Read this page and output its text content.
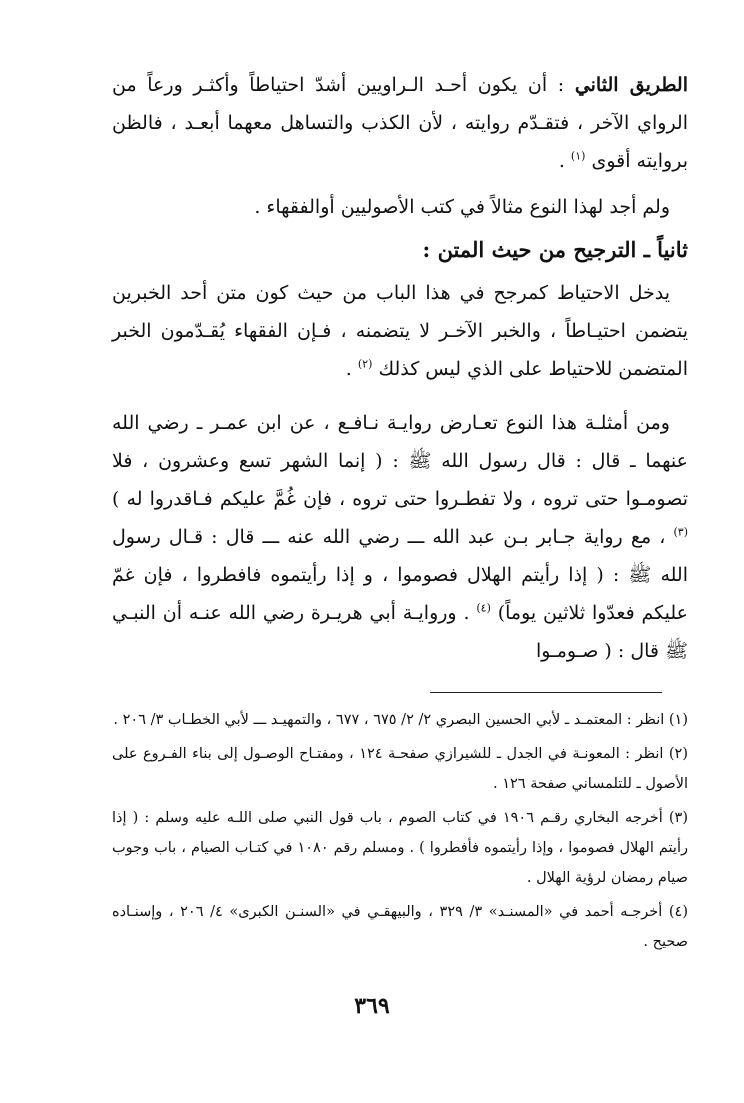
الطريق الثاني : أن يكون أحـد الـراويين أشدّ احتياطاً وأكثـر ورعاً من الرواي الآخر ، فتقـدّم روايته ، لأن الكذب والتساهل معهما أبعـد ، فالظن بروايته أقوى $^{(١)}$ .

ولم أجد لهذا النوع مثالاً في كتب الأصوليين أوالفقهاء .

ثانياً ـ الترجيح من حيث المتن :

يدخل الاحتياط كمرجح في هذا الباب من حيث كون متن أحد الخبرين يتضمن احتيـاطاً ، والخبر الآخـر لا يتضمنه ، فـإن الفقهاء يُقـدّمون الخبر المتضمن للاحتياط على الذي ليس كذلك $^{(٢)}$ .

ومن أمثلـة هذا النوع تعـارض روايـة نـافـع ، عن ابن عمـر ـ رضي الله عنهما ـ قال : قال رسول الله ﷺ : ( إنما الشهر تسع وعشرون ، فلا تصومـوا حتى تروه ، ولا تفطـروا حتى تروه ، فإن غُمَّ عليكم فـاقدروا له ) $^{(٣)}$ ، مع رواية جـابر بـن عبد الله ـــ رضي الله عنه ـــ قال : قـال رسول الله ﷺ : ( إذا رأيتم الهلال فصوموا ، و إذا رأيتموه فافطروا ، فإن غمّ عليكم فعدّوا ثلاثين يوماً) $^{(٤)}$ . وروايـة أبي هريـرة رضي الله عنـه أن النبـي ﷺ قال : ( صـومـوا

(١) انظر : المعتمـد ـ لأبي الحسين البصري ٢/ ٢/ ٦٧٥ ، ٦٧٧ ، والتمهيـد ـــ لأبي الخطـاب ٣/ ٢٠٦ .

(٢) انظر : المعونـة في الجدل ـ للشيرازي صفحـة ١٢٤ ، ومفتـاح الوصـول إلى بناء الفـروع على الأصول ـ للتلمساني صفحة ١٢٦ .

(٣) أخرجه البخاري رقـم ١٩٠٦ في كتاب الصوم ، باب قول النبي صلى اللـه عليه وسلم : ( إذا رأيتم الهلال فصوموا ، وإذا رأيتموه فأفطروا ) . ومسلم رقم ١٠٨٠ في كتـاب الصيام ، باب وجوب صيام رمضان لرؤية الهلال .

(٤) أخرجـه أحمد في «المسنـد» ٣/ ٣٢٩ ، والبيهقـي في «السنـن الكبرى» ٤/ ٢٠٦ ، وإسنـاده صحيح .

٣٦٩
